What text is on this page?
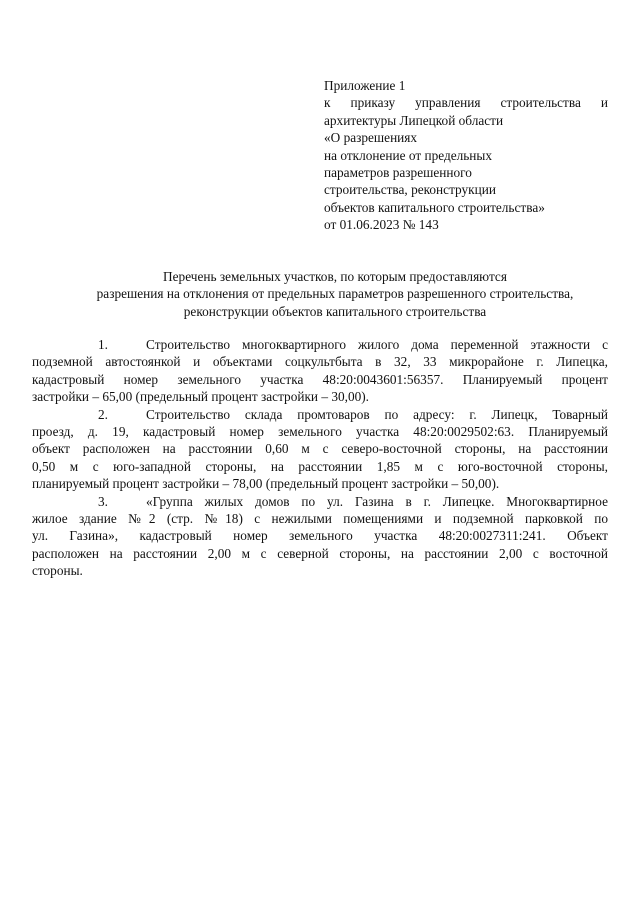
Приложение 1
к приказу управления строительства и
архитектуры Липецкой области
«О разрешениях
на отклонение от предельных
параметров разрешенного
строительства, реконструкции
объектов капитального строительства»
от 01.06.2023 № 143
Перечень земельных участков, по которым предоставляются
разрешения на отклонения от предельных параметров разрешенного строительства,
реконструкции объектов капитального строительства
1.	Строительство многоквартирного жилого дома переменной этажности с
подземной автостоянкой и объектами соцкультбыта в 32, 33 микрорайоне г. Липецка,
кадастровый номер земельного участка 48:20:0043601:56357. Планируемый процент
застройки – 65,00 (предельный процент застройки – 30,00).
2.	Строительство склада промтоваров по адресу: г. Липецк, Товарный
проезд, д. 19, кадастровый номер земельного участка 48:20:0029502:63. Планируемый
объект расположен на расстоянии 0,60 м с северо-восточной стороны, на расстоянии
0,50 м с юго-западной стороны, на расстоянии 1,85 м с юго-восточной стороны,
планируемый процент застройки – 78,00 (предельный процент застройки – 50,00).
3.	«Группа жилых домов по ул. Газина в г. Липецке. Многоквартирное
жилое здание №2 (стр. №18) с нежилыми помещениями и подземной парковкой по
ул. Газина», кадастровый номер земельного участка 48:20:0027311:241. Объект
расположен на расстоянии 2,00 м с северной стороны, на расстоянии 2,00 с восточной
стороны.
